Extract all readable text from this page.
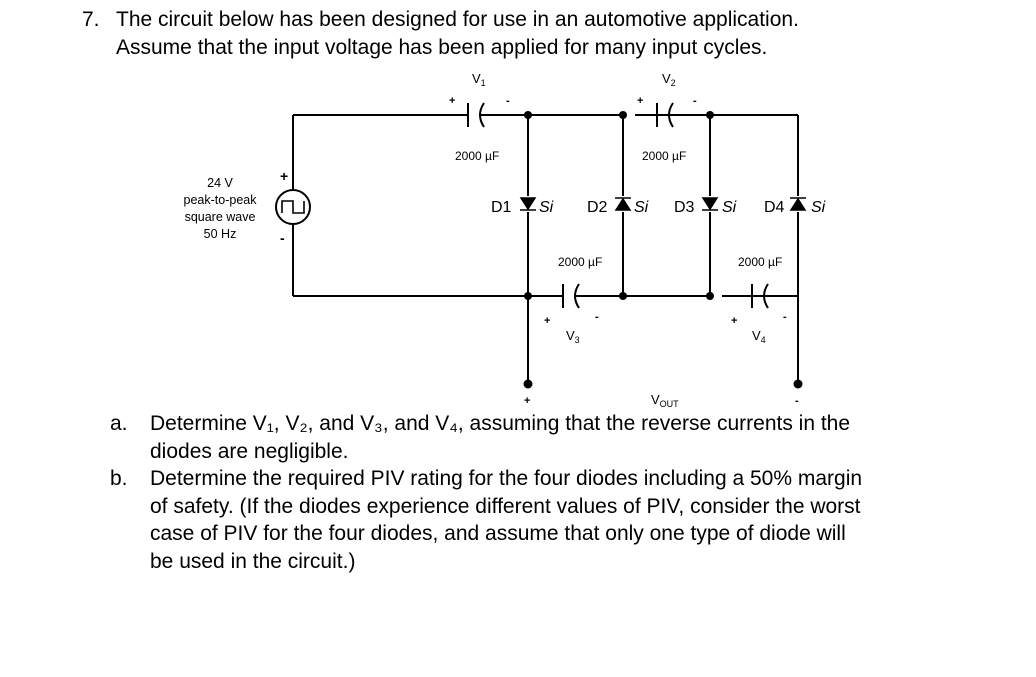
7. The circuit below has been designed for use in an automotive application.
Assume that the input voltage has been applied for many input cycles.
24 V
peak-to-peak
square wave
50 Hz
+
-
$V_1$
+	-
2000 µF
$V_2$
+	-
2000 µF
2000 µF
+	-
$V_3$
2000 µF
+	-
$V_4$
D1 Si D2 Si D3 Si D4 Si
+	-
$V_{OUT}$
a. Determine V₁, V₂, and V₃, and V₄, assuming that the reverse currents in the
diodes are negligible.
b. Determine the required PIV rating for the four diodes including a 50% margin
of safety. (If the diodes experience different values of PIV, consider the worst
case of PIV for the four diodes, and assume that only one type of diode will
be used in the circuit.)
